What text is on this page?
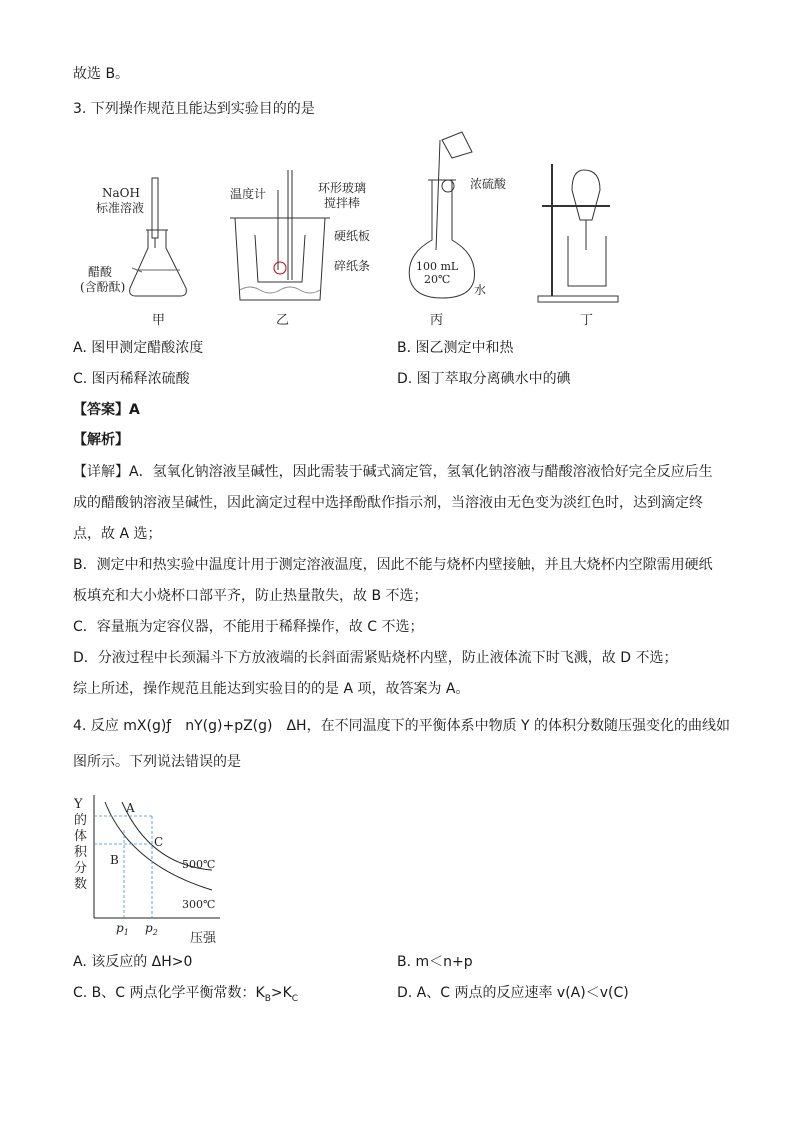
故选 B。
3. 下列操作规范且能达到实验目的的是
NaOH
标准溶液
醋酸
(含酚酞)
温度计	环形玻璃
搅拌棒
硬纸板
碎纸条
浓硫酸
100 mL
20℃
水
甲	乙	丙	丁
A. 图甲测定醋酸浓度	B. 图乙测定中和热
C. 图丙稀释浓硫酸	D. 图丁萃取分离碘水中的碘
【答案】A
【解析】
【详解】A．氢氧化钠溶液呈碱性，因此需装于碱式滴定管，氢氧化钠溶液与醋酸溶液恰好完全反应后生
成的醋酸钠溶液呈碱性，因此滴定过程中选择酚酞作指示剂，当溶液由无色变为淡红色时，达到滴定终
点，故 A 选；
B．测定中和热实验中温度计用于测定溶液温度，因此不能与烧杯内壁接触，并且大烧杯内空隙需用硬纸
板填充和大小烧杯口部平齐，防止热量散失，故 B 不选；
C．容量瓶为定容仪器，不能用于稀释操作，故 C 不选；
D．分液过程中长颈漏斗下方放液端的长斜面需紧贴烧杯内壁，防止液体流下时飞溅，故 D 不选；
综上所述，操作规范且能达到实验目的的是 A 项，故答案为 A。
4. 反应 mX(g)ƒ　nY(g)+pZ(g)　ΔH，在不同温度下的平衡体系中物质 Y 的体积分数随压强变化的曲线如
图所示。下列说法错误的是
A
B
C
500℃
300℃
$p_1$ $p_2$ 压强
Y
的
体
积
分
数
A. 该反应的 ΔH>0	B. m＜n+p
C. B、C 两点化学平衡常数：$K_B>K_C$	D. A、C 两点的反应速率 v(A)＜v(C)
